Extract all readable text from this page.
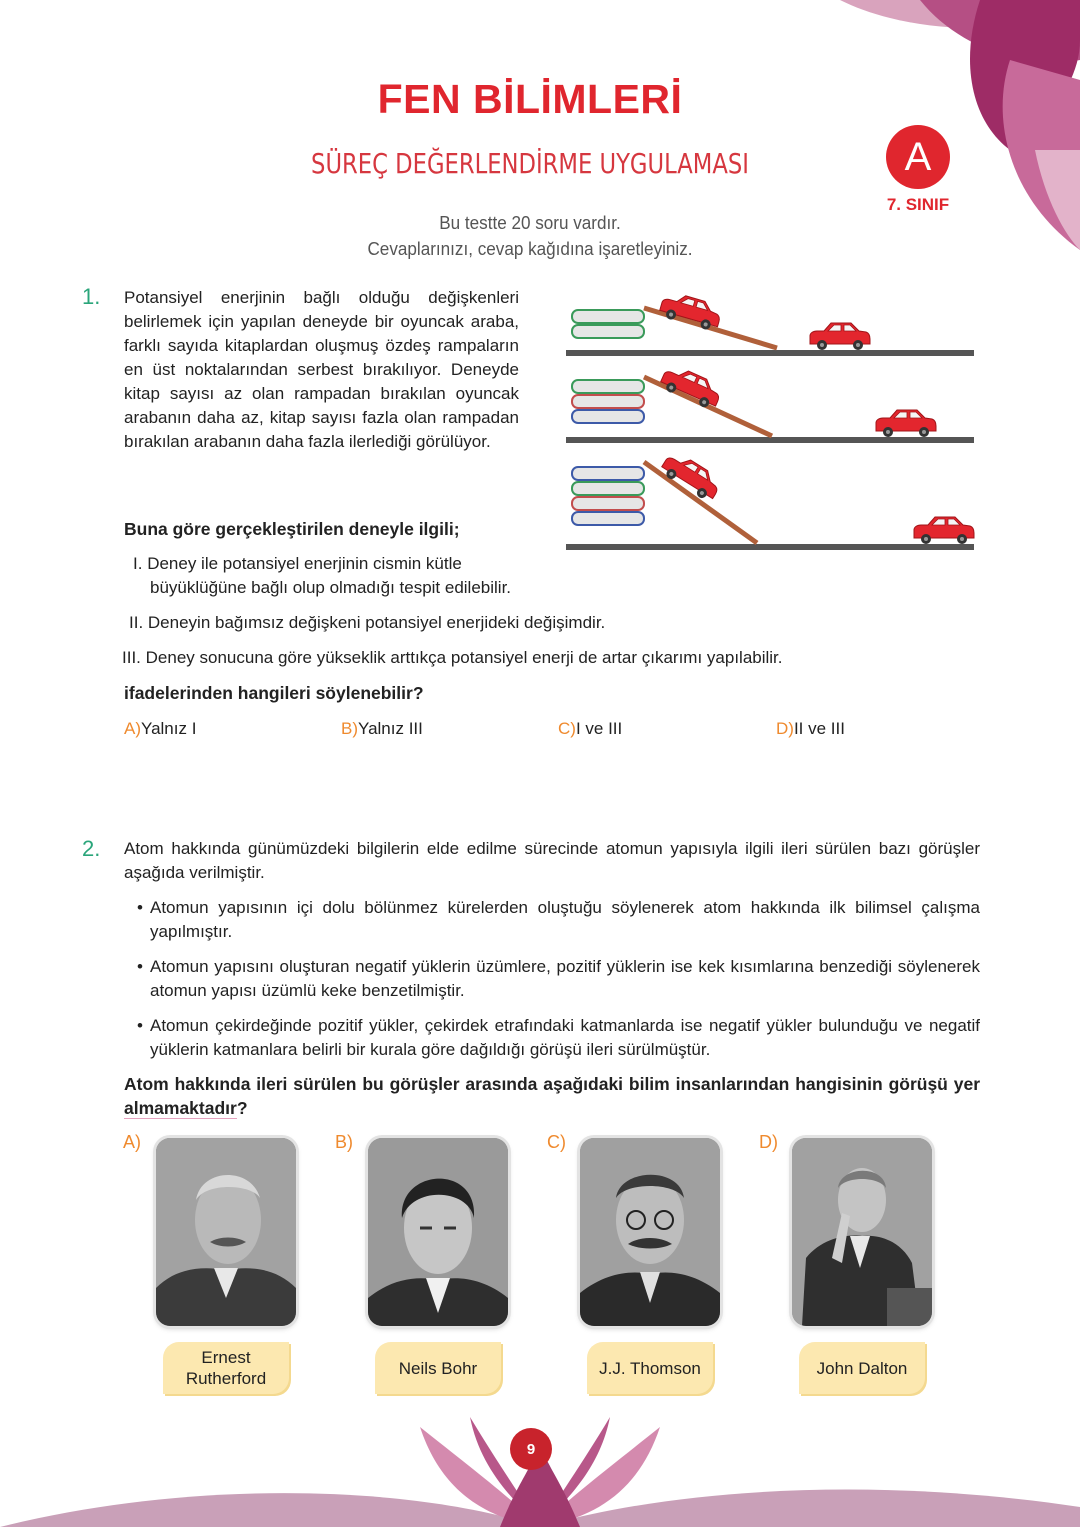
FEN BİLİMLERİ
SÜREÇ DEĞERLENDİRME UYGULAMASI
Bu testte 20 soru vardır.
Cevaplarınızı, cevap kağıdına işaretleyiniz.
A
7. SINIF
1. Potansiyel enerjinin bağlı olduğu değişkenleri belirlemek için yapılan deneyde bir oyuncak araba, farklı sayıda kitaplardan oluşmuş özdeş rampaların en üst noktalarından serbest bırakılıyor. Deneyde kitap sayısı az olan rampadan bırakılan oyuncak arabanın daha az, kitap sayısı fazla olan rampadan bırakılan arabanın daha fazla ilerlediği görülüyor.
Buna göre gerçekleştirilen deneyle ilgili;
I. Deney ile potansiyel enerjinin cismin kütle
büyüklüğüne bağlı olup olmadığı tespit edilebilir.
II. Deneyin bağımsız değişkeni potansiyel enerjideki değişimdir.
III. Deney sonucuna göre yükseklik arttıkça potansiyel enerji de artar çıkarımı yapılabilir.
ifadelerinden hangileri söylenebilir?
A)Yalnız I	B)Yalnız III	C)I ve III	D)II ve III
2. Atom hakkında günümüzdeki bilgilerin elde edilme sürecinde atomun yapısıyla ilgili ileri sürülen bazı görüşler aşağıda verilmiştir.
• Atomun yapısının içi dolu bölünmez kürelerden oluştuğu söylenerek atom hakkında ilk bilimsel çalışma yapılmıştır.
• Atomun yapısını oluşturan negatif yüklerin üzümlere, pozitif yüklerin ise kek kısımlarına benzediği söylenerek atomun yapısı üzümlü keke benzetilmiştir.
• Atomun çekirdeğinde pozitif yükler, çekirdek etrafındaki katmanlarda ise negatif yükler bulunduğu ve negatif yüklerin katmanlara belirli bir kurala göre dağıldığı görüşü ileri sürülmüştür.
Atom hakkında ileri sürülen bu görüşler arasında aşağıdaki bilim insanlarından hangisinin görüşü yer almamaktadır?
A)
Ernest Rutherford
B)
Neils Bohr
C)
J.J. Thomson
D)
John Dalton
9
